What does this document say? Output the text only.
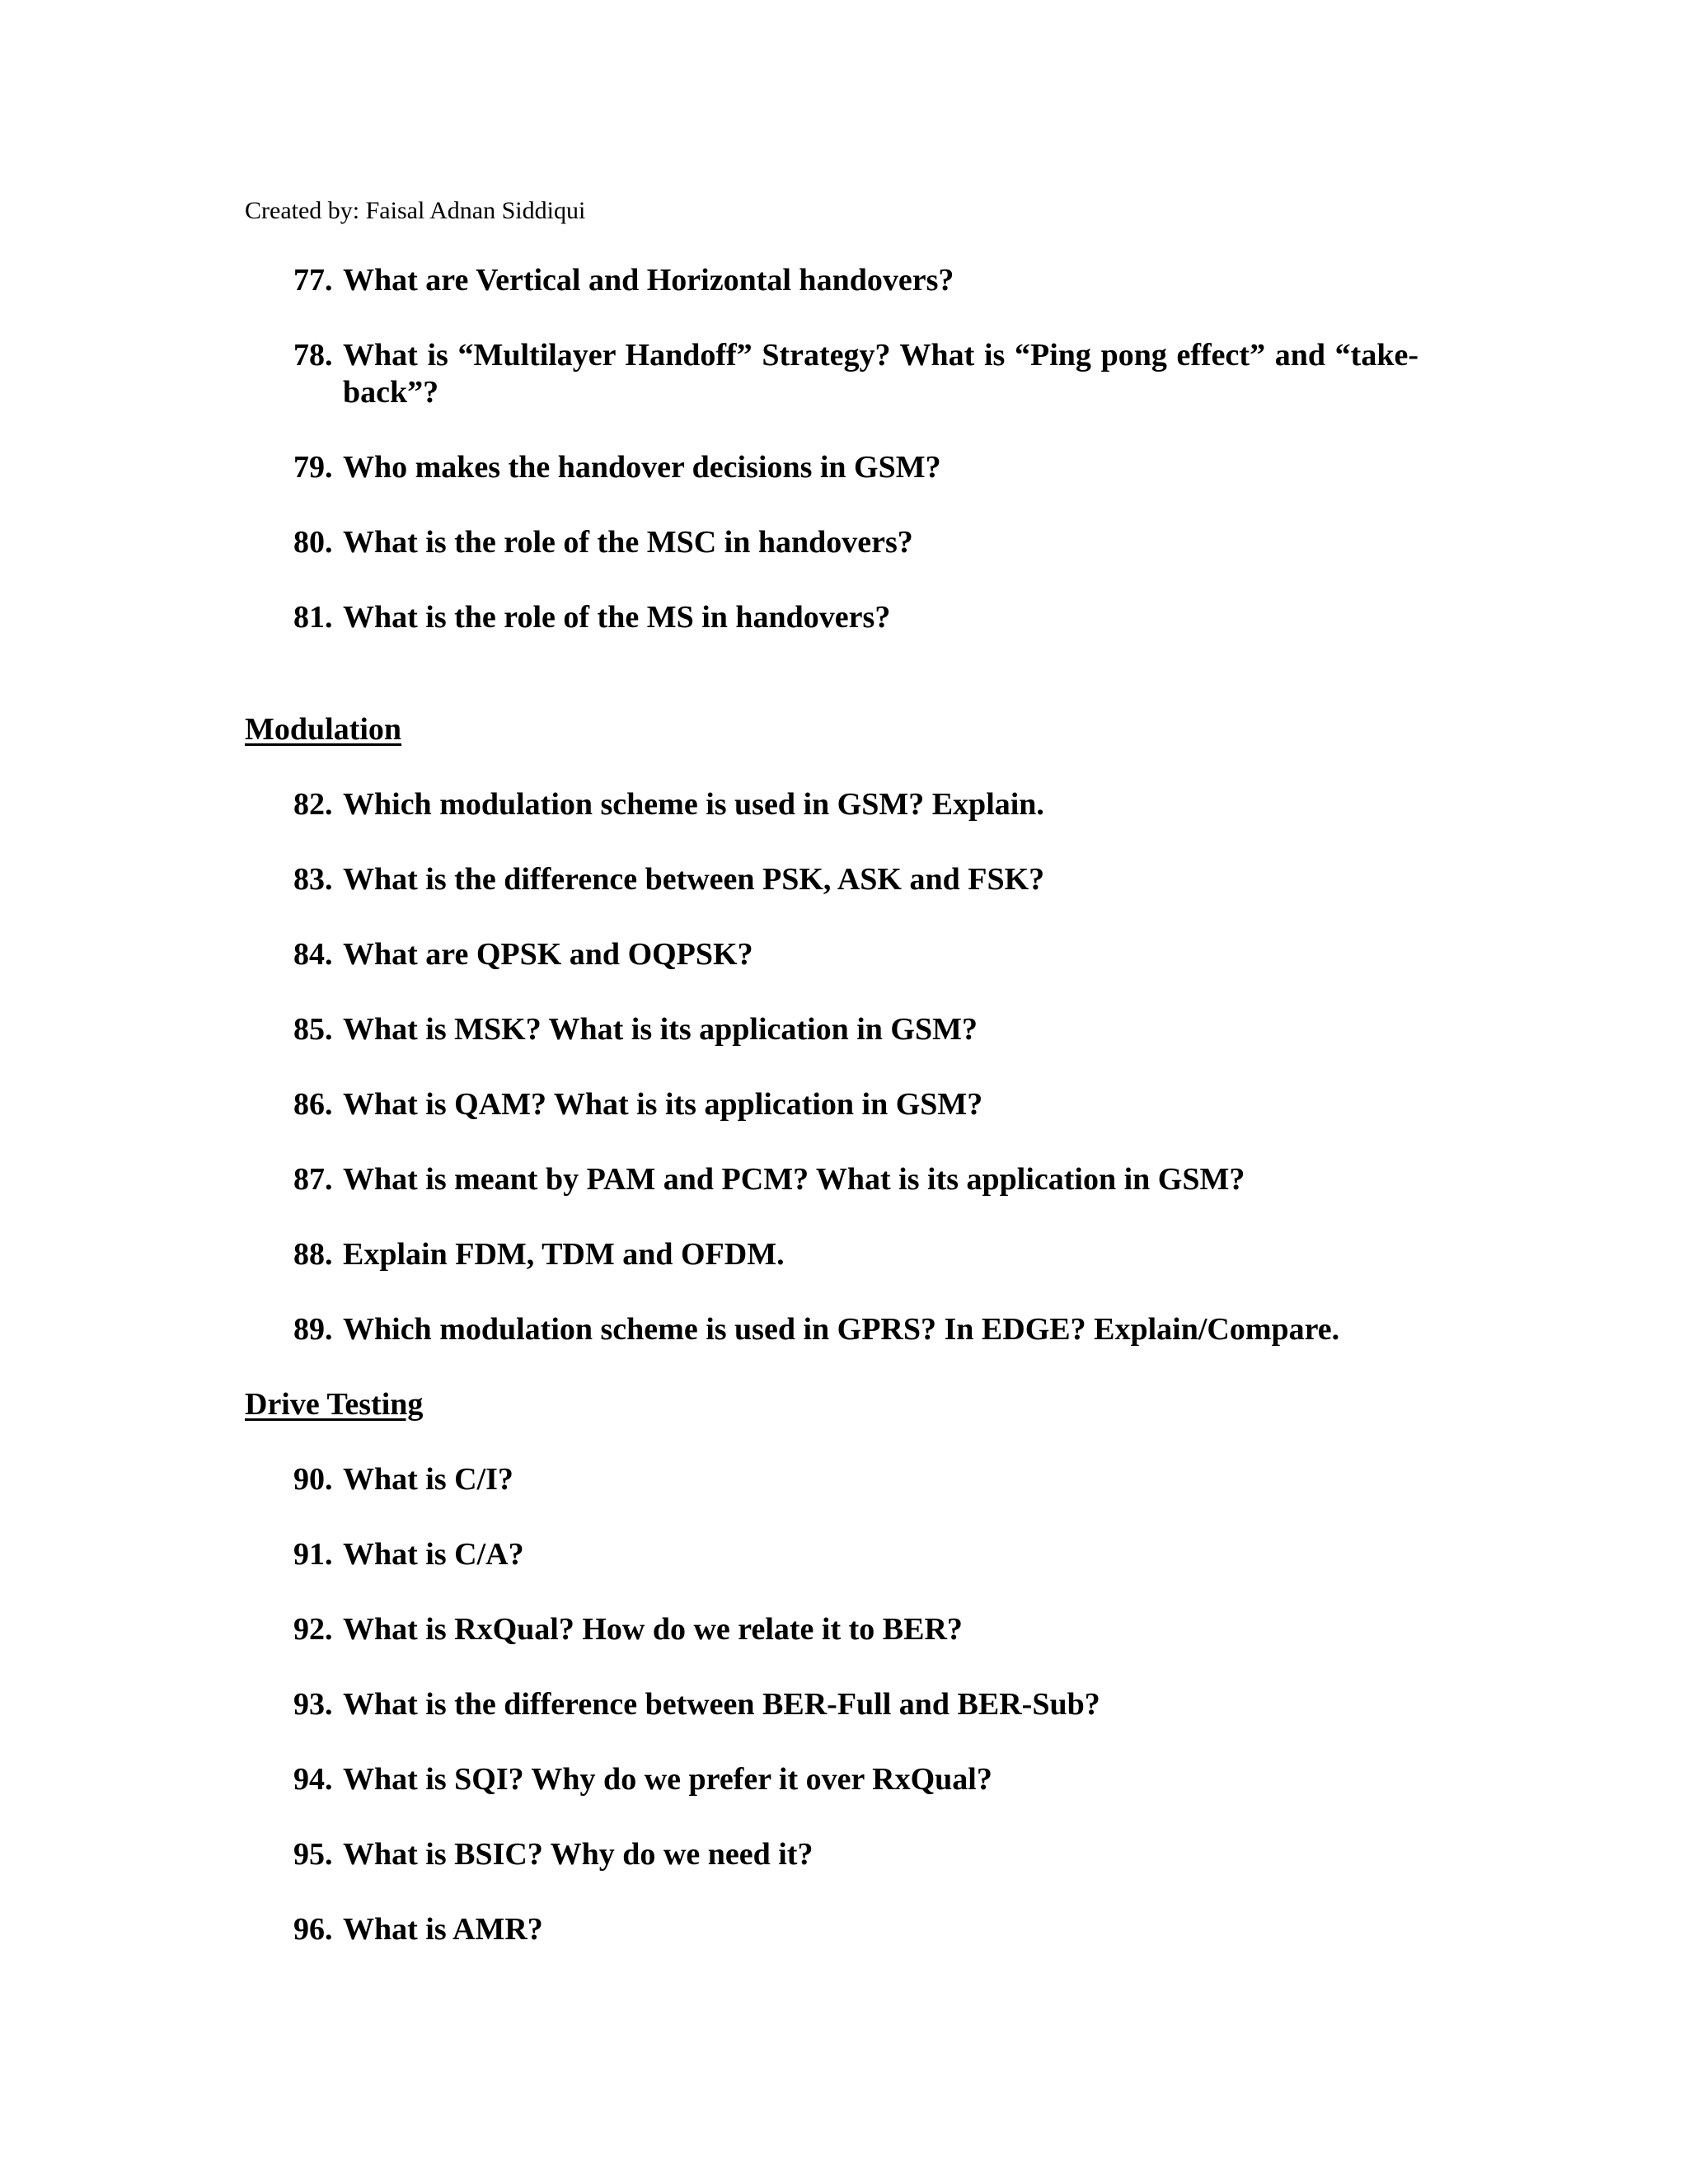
Created by: Faisal Adnan Siddiqui
77. What are Vertical and Horizontal handovers?
78. What is “Multilayer Handoff” Strategy? What is “Ping pong effect” and “take-back”?
79. Who makes the handover decisions in GSM?
80. What is the role of the MSC in handovers?
81. What is the role of the MS in handovers?
Modulation
82. Which modulation scheme is used in GSM? Explain.
83. What is the difference between PSK, ASK and FSK?
84. What are QPSK and OQPSK?
85. What is MSK? What is its application in GSM?
86. What is QAM? What is its application in GSM?
87. What is meant by PAM and PCM? What is its application in GSM?
88. Explain FDM, TDM and OFDM.
89. Which modulation scheme is used in GPRS? In EDGE? Explain/Compare.
Drive Testing
90. What is C/I?
91. What is C/A?
92. What is RxQual? How do we relate it to BER?
93. What is the difference between BER-Full and BER-Sub?
94. What is SQI? Why do we prefer it over RxQual?
95. What is BSIC? Why do we need it?
96. What is AMR?
